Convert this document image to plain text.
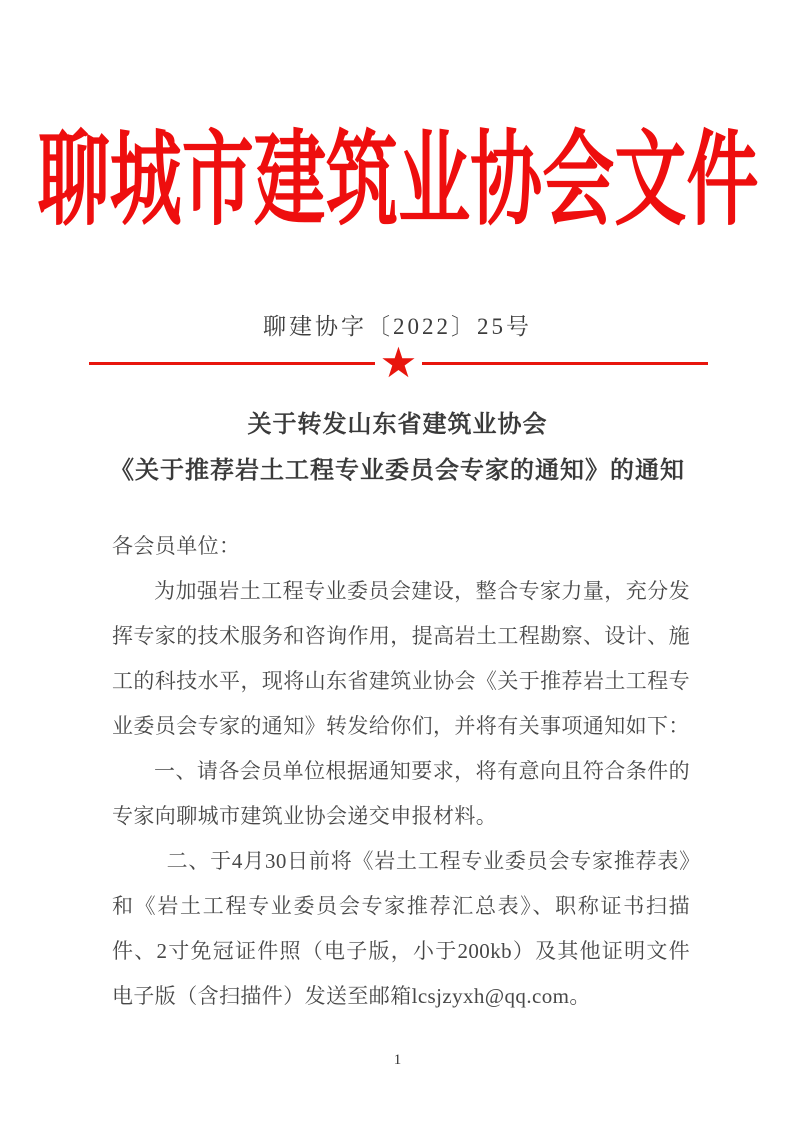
聊城市建筑业协会文件
聊建协字〔2022〕25号
★
关于转发山东省建筑业协会
《关于推荐岩土工程专业委员会专家的通知》的通知

各会员单位：

为加强岩土工程专业委员会建设，整合专家力量，充分发挥专家的技术服务和咨询作用，提高岩土工程勘察、设计、施工的科技水平，现将山东省建筑业协会《关于推荐岩土工程专业委员会专家的通知》转发给你们，并将有关事项通知如下：

一、请各会员单位根据通知要求，将有意向且符合条件的专家向聊城市建筑业协会递交申报材料。

二、于4月30日前将《岩土工程专业委员会专家推荐表》和《岩土工程专业委员会专家推荐汇总表》、职称证书扫描件、2寸免冠证件照（电子版，小于200kb）及其他证明文件电子版（含扫描件）发送至邮箱lcsjzyxh@qq.com。

1
